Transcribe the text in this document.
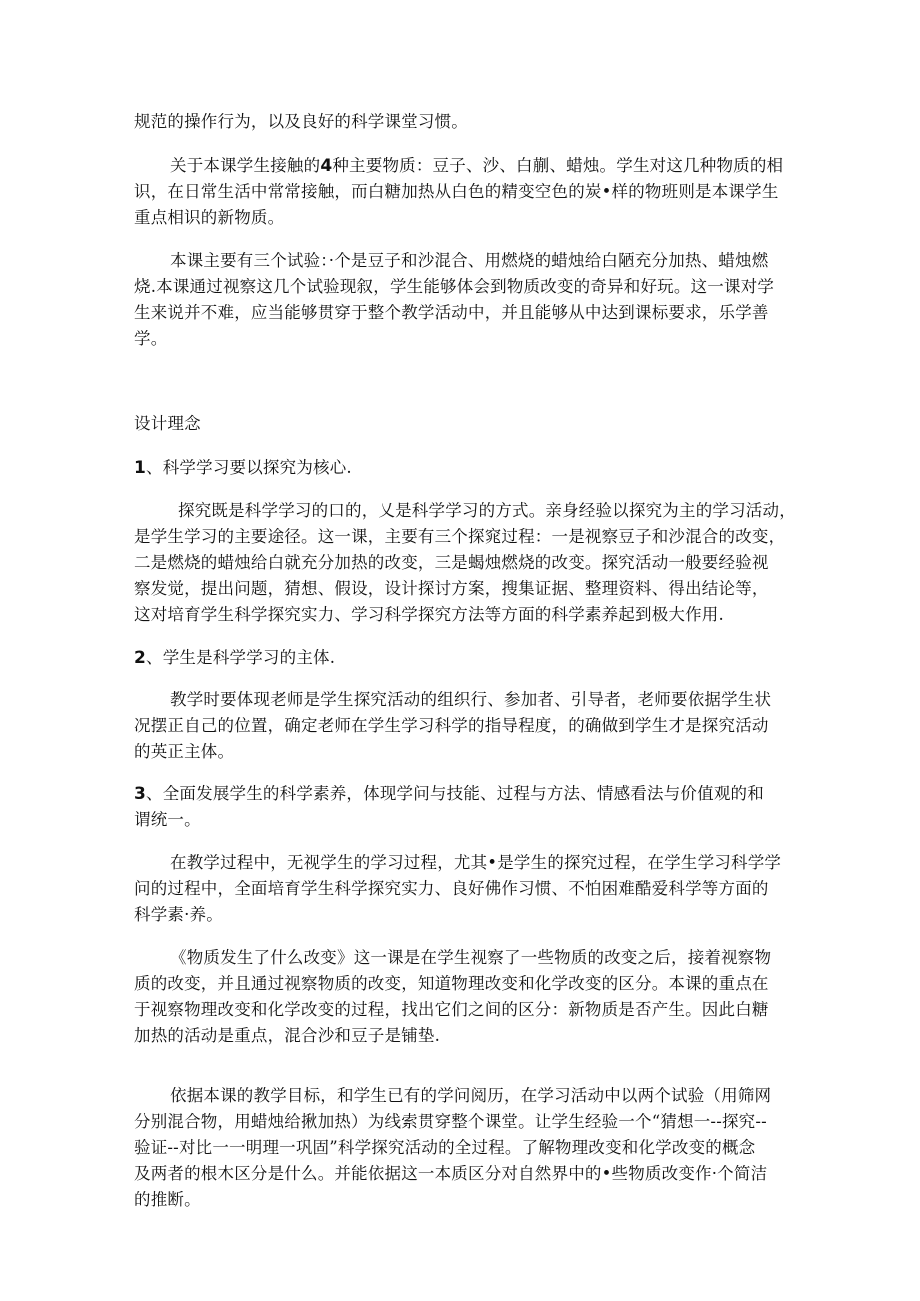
规范的操作行为，以及良好的科学课堂习惯。
关于本课学生接触的4种主要物质：豆子、沙、白蒯、蜡烛。学生对这几种物质的相
识，在日常生活中常常接触，而白糖加热从白色的精变空色的炭•样的物班则是本课学生
重点相识的新物质。
本课主要有三个试验：·个是豆子和沙混合、用燃烧的蜡烛给白陋充分加热、蜡烛燃
烧.本课通过视察这几个试验现叙，学生能够体会到物质改变的奇异和好玩。这一课对学
生来说并不难，应当能够贯穿于整个教学活动中，并且能够从中达到课标要求，乐学善
学。
设计理念
1、科学学习要以探究为核心.
探究既是科学学习的口的，乂是科学学习的方式。亲身经验以探究为主的学习活动，
是学生学习的主要途径。这一课，主要有三个探窕过程：一是视察豆子和沙混合的改变，
二是燃烧的蜡烛给白就充分加热的改变，三是蝎烛燃烧的改变。探究活动一般要经验视
察发觉，提出问题，猜想、假设，设计探讨方案，搜集证据、整理资料、得出结论等，
这对培育学生科学探究实力、学习科学探究方法等方面的科学素养起到极大作用.
2、学生是科学学习的主体.
教学时要体现老师是学生探究活动的组织行、参加者、引导者，老师要依据学生状
况摆正自己的位置，确定老师在学生学习科学的指导程度，的确做到学生才是探究活动
的英正主体。
3、全面发展学生的科学素养，体现学问与技能、过程与方法、情感看法与价值观的和
谓统一。
在教学过程中，无视学生的学习过程，尤其•是学生的探究过程，在学生学习科学学
问的过程中，全面培育学生科学探究实力、良好佛作习惯、不怕困难酷爱科学等方面的
科学素·养。
《物质发生了什么改变》这一课是在学生视察了一些物质的改变之后，接着视察物
质的改变，并且通过视察物质的改变，知道物理改变和化学改变的区分。本课的重点在
于视察物理改变和化学改变的过程，找出它们之间的区分：新物质是否产生。因此白糖
加热的活动是重点，混合沙和豆子是铺垫.
依据本课的教学目标，和学生已有的学问阅历，在学习活动中以两个试验（用筛网
分别混合物，用蜡烛给揪加热）为线索贯穿整个课堂。让学生经验一个“猜想一--探究--
验证--对比一一明理一巩固”科学探究活动的全过程。了解物理改变和化学改变的概念
及两者的根木区分是什么。并能依据这一本质区分对自然界中的•些物质改变作·个简洁
的推断。
